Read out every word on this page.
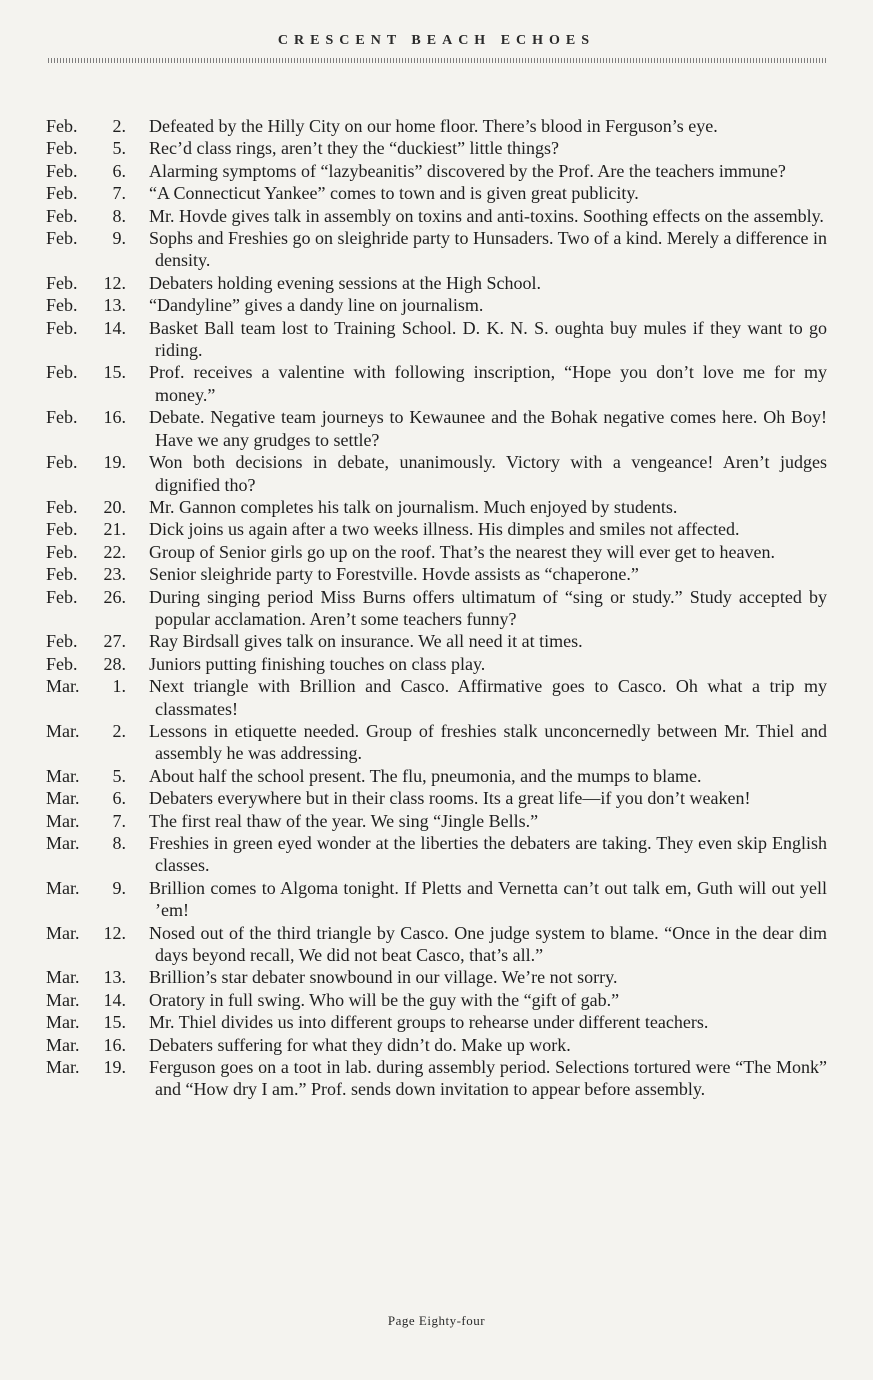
CRESCENT BEACH ECHOES
Feb.	2. Defeated by the Hilly City on our home floor. There’s blood in Ferguson’s eye.
Feb.	5. Rec’d class rings, aren’t they the “duckiest” little things?
Feb.	6. Alarming symptoms of “lazybeanitis” discovered by the Prof. Are the teachers immune?
Feb.	7. “A Connecticut Yankee” comes to town and is given great publicity.
Feb.	8. Mr. Hovde gives talk in assembly on toxins and anti-toxins. Soothing effects on the assembly.
Feb.	9. Sophs and Freshies go on sleighride party to Hunsaders. Two of a kind. Merely a difference in density.
Feb.	12. Debaters holding evening sessions at the High School.
Feb.	13. “Dandyline” gives a dandy line on journalism.
Feb.	14. Basket Ball team lost to Training School. D. K. N. S. oughta buy mules if they want to go riding.
Feb.	15. Prof. receives a valentine with following inscription, “Hope you don’t love me for my money.”
Feb.	16. Debate. Negative team journeys to Kewaunee and the Bohak negative comes here. Oh Boy! Have we any grudges to settle?
Feb.	19. Won both decisions in debate, unanimously. Victory with a vengeance! Aren’t judges dignified tho?
Feb.	20. Mr. Gannon completes his talk on journalism. Much enjoyed by students.
Feb.	21. Dick joins us again after a two weeks illness. His dimples and smiles not affected.
Feb.	22. Group of Senior girls go up on the roof. That’s the nearest they will ever get to heaven.
Feb.	23. Senior sleighride party to Forestville. Hovde assists as “chaperone.”
Feb.	26. During singing period Miss Burns offers ultimatum of “sing or study.” Study accepted by popular acclamation. Aren’t some teachers funny?
Feb.	27. Ray Birdsall gives talk on insurance. We all need it at times.
Feb.	28. Juniors putting finishing touches on class play.
Mar.	1. Next triangle with Brillion and Casco. Affirmative goes to Casco. Oh what a trip my classmates!
Mar.	2. Lessons in etiquette needed. Group of freshies stalk unconcernedly between Mr. Thiel and assembly he was addressing.
Mar.	5. About half the school present. The flu, pneumonia, and the mumps to blame.
Mar.	6. Debaters everywhere but in their class rooms. Its a great life—if you don’t weaken!
Mar.	7. The first real thaw of the year. We sing “Jingle Bells.”
Mar.	8. Freshies in green eyed wonder at the liberties the debaters are taking. They even skip English classes.
Mar.	9. Brillion comes to Algoma tonight. If Pletts and Vernetta can’t out talk em, Guth will out yell ’em!
Mar.	12. Nosed out of the third triangle by Casco. One judge system to blame. “Once in the dear dim days beyond recall, We did not beat Casco, that’s all.”
Mar.	13. Brillion’s star debater snowbound in our village. We’re not sorry.
Mar.	14. Oratory in full swing. Who will be the guy with the “gift of gab.”
Mar.	15. Mr. Thiel divides us into different groups to rehearse under different teachers.
Mar.	16. Debaters suffering for what they didn’t do. Make up work.
Mar.	19. Ferguson goes on a toot in lab. during assembly period. Selections tortured were “The Monk” and “How dry I am.” Prof. sends down invitation to appear before assembly.
Page Eighty-four
